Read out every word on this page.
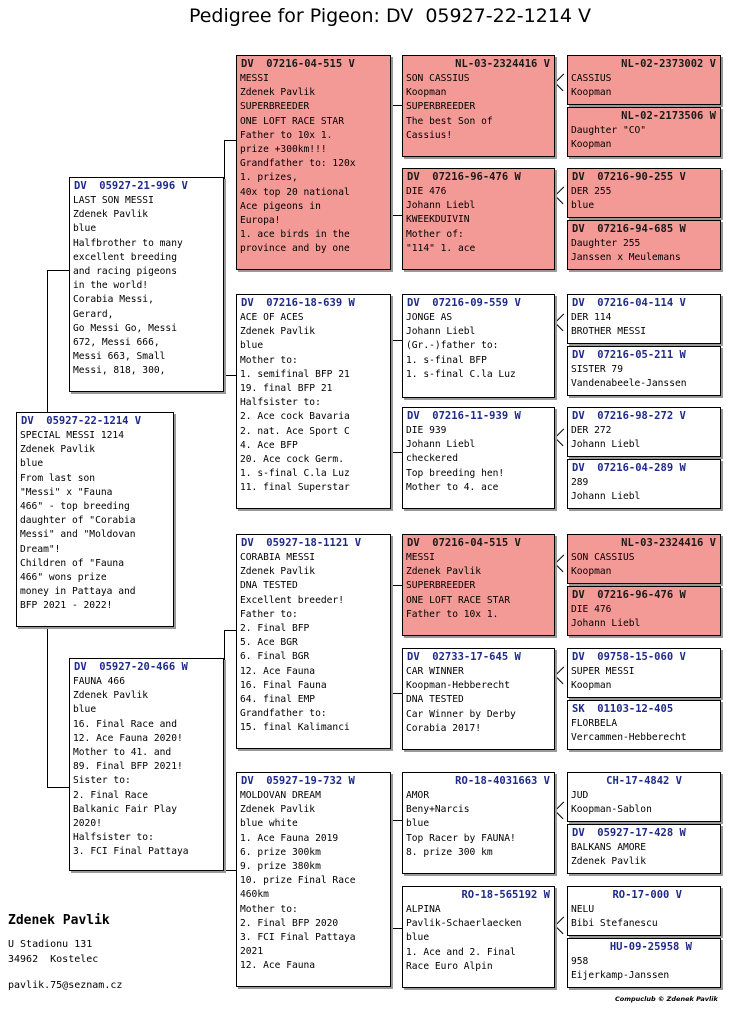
Pedigree for Pigeon: DV  05927-22-1214 V
DV  05927-22-1214 V
SPECIAL MESSI 1214
Zdenek Pavlik
blue
From last son
"Messi" x "Fauna
466" - top breeding
daughter of "Corabia
Messi" and "Moldovan
Dream"!
Children of "Fauna
466" wons prize
money in Pattaya and
BFP 2021 - 2022!
DV  05927-21-996 V
LAST SON MESSI
Zdenek Pavlik
blue
Halfbrother to many
excellent breeding
and racing pigeons
in the world!
Corabia Messi,
Gerard,
Go Messi Go, Messi
672, Messi 666,
Messi 663, Small
Messi, 818, 300,
DV  05927-20-466 W
FAUNA 466
Zdenek Pavlik
blue
16. Final Race and
12. Ace Fauna 2020!
Mother to 41. and
89. Final BFP 2021!
Sister to:
2. Final Race
Balkanic Fair Play
2020!
Halfsister to:
3. FCI Final Pattaya
DV  07216-04-515 V
MESSI
Zdenek Pavlik
SUPERBREEDER
ONE LOFT RACE STAR
Father to 10x 1.
prize +300km!!!
Grandfather to: 120x
1. prizes,
40x top 20 national
Ace pigeons in
Europa!
1. ace birds in the
province and by one
DV  07216-18-639 W
ACE OF ACES
Zdenek Pavlik
blue
Mother to:
1. semifinal BFP 21
19. final BFP 21
Halfsister to:
2. Ace cock Bavaria
2. nat. Ace Sport C
4. Ace BFP
20. Ace cock Germ.
1. s-final C.la Luz
11. final Superstar
DV  05927-18-1121 V
CORABIA MESSI
Zdenek Pavlik
DNA TESTED
Excellent breeder!
Father to:
2. Final BFP
5. Ace BGR
6. Final BGR
12. Ace Fauna
16. Final Fauna
64. final EMP
Grandfather to:
15. final Kalimanci
DV  05927-19-732 W
MOLDOVAN DREAM
Zdenek Pavlik
blue white
1. Ace Fauna 2019
6. prize 300km
9. prize 380km
10. prize Final Race
460km
Mother to:
2. Final BFP 2020
3. FCI Final Pattaya
2021
12. Ace Fauna
NL-03-2324416 V
SON CASSIUS
Koopman
SUPERBREEDER
The best Son of
Cassius!
DV  07216-96-476 W
DIE 476
Johann Liebl
KWEEKDUIVIN
Mother of:
"114" 1. ace
DV  07216-09-559 V
JONGE AS
Johann Liebl
(Gr.-)father to:
1. s-final BFP
1. s-final C.la Luz
DV  07216-11-939 W
DIE 939
Johann Liebl
checkered
Top breeding hen!
Mother to 4. ace
DV  07216-04-515 V
MESSI
Zdenek Pavlik
SUPERBREEDER
ONE LOFT RACE STAR
Father to 10x 1.
DV  02733-17-645 W
CAR WINNER
Koopman-Hebberecht
DNA TESTED
Car Winner by Derby
Corabia 2017!
RO-18-4031663 V
AMOR
Beny+Narcis
blue
Top Racer by FAUNA!
8. prize 300 km
RO-18-565192 W
ALPINA
Pavlik-Schaerlaecken
blue
1. Ace and 2. Final
Race Euro Alpin
NL-02-2373002 V
CASSIUS
Koopman
NL-02-2173506 W
Daughter "CO"
Koopman
DV  07216-90-255 V
DER 255
blue
DV  07216-94-685 W
Daughter 255
Janssen x Meulemans
DV  07216-04-114 V
DER 114
BROTHER MESSI
DV  07216-05-211 W
SISTER 79
Vandenabeele-Janssen
DV  07216-98-272 V
DER 272
Johann Liebl
DV  07216-04-289 W
289
Johann Liebl
NL-03-2324416 V
SON CASSIUS
Koopman
DV  07216-96-476 W
DIE 476
Johann Liebl
DV  09758-15-060 V
SUPER MESSI
Koopman
SK  01103-12-405
FLORBELA
Vercammen-Hebberecht
CH-17-4842 V
JUD
Koopman-Sablon
DV  05927-17-428 W
BALKANS AMORE
Zdenek Pavlik
RO-17-000 V
NELU
Bibi Stefanescu
HU-09-25958 W
958
Eijerkamp-Janssen
Zdenek Pavlik
U Stadionu 131
34962  Kostelec
pavlik.75@seznam.cz
Compuclub © Zdenek Pavlik
